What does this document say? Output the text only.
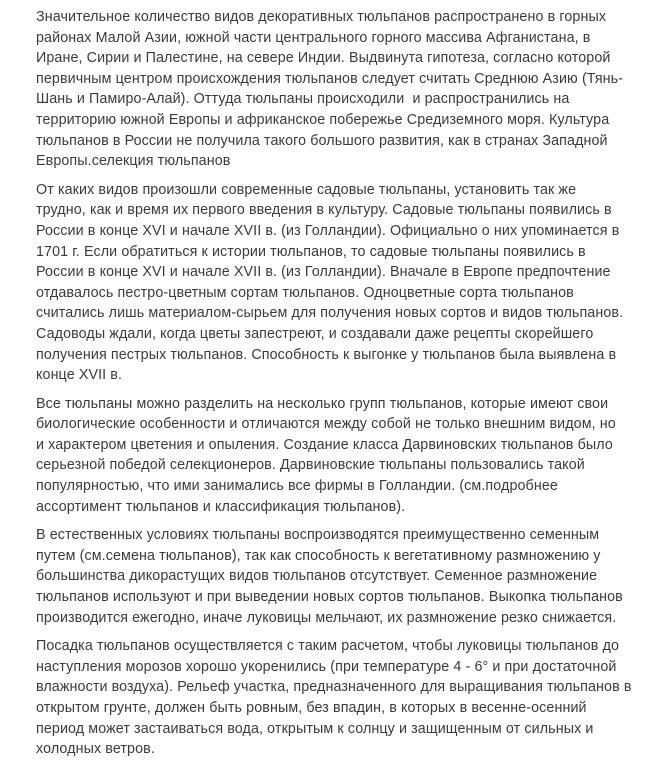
Значительное количество видов декоративных тюльпанов распространено в горных
районах Малой Азии, южной части центрального горного массива Афганистана, в
Иране, Сирии и Палестине, на севере Индии. Выдвинута гипотеза, согласно которой
первичным центром происхождения тюльпанов следует считать Среднюю Азию (Тянь-
Шань и Памиро-Алай). Оттуда тюльпаны происходили  и распространились на
территорию южной Европы и африканское побережье Средиземного моря. Культура
тюльпанов в России не получила такого большого развития, как в странах Западной
Европы.селекция тюльпанов

От каких видов произошли современные садовые тюльпаны, установить так же
трудно, как и время их первого введения в культуру. Садовые тюльпаны появились в
России в конце XVI и начале XVII в. (из Голландии). Официально о них упоминается в
1701 г. Если обратиться к истории тюльпанов, то садовые тюльпаны появились в
России в конце XVI и начале XVII в. (из Голландии). Вначале в Европе предпочтение
отдавалось пестро-цветным сортам тюльпанов. Одноцветные сорта тюльпанов
считались лишь материалом-сырьем для получения новых сортов и видов тюльпанов.
Садоводы ждали, когда цветы запестреют, и создавали даже рецепты скорейшего
получения пестрых тюльпанов. Способность к выгонке у тюльпанов была выявлена в
конце XVII в.

Все тюльпаны можно разделить на несколько групп тюльпанов, которые имеют свои
биологические особенности и отличаются между собой не только внешним видом, но
и характером цветения и опыления. Создание класса Дарвиновских тюльпанов было
серьезной победой селекционеров. Дарвиновские тюльпаны пользовались такой
популярностью, что ими занимались все фирмы в Голландии. (см.подробнее
ассортимент тюльпанов и классификация тюльпанов).

В естественных условиях тюльпаны воспроизводятся преимущественно семенным
путем (см.семена тюльпанов), так как способность к вегетативному размножению у
большинства дикорастущих видов тюльпанов отсутствует. Семенное размножение
тюльпанов используют и при выведении новых сортов тюльпанов. Выкопка тюльпанов
производится ежегодно, иначе луковицы мельчают, их размножение резко снижается.

Посадка тюльпанов осуществляется с таким расчетом, чтобы луковицы тюльпанов до
наступления морозов хорошо укоренились (при температуре 4 - 6° и при достаточной
влажности воздуха). Рельеф участка, предназначенного для выращивания тюльпанов в
открытом грунте, должен быть ровным, без впадин, в которых в весенне-осенний
период может застаиваться вода, открытым к солнцу и защищенным от сильных и
холодных ветров.
